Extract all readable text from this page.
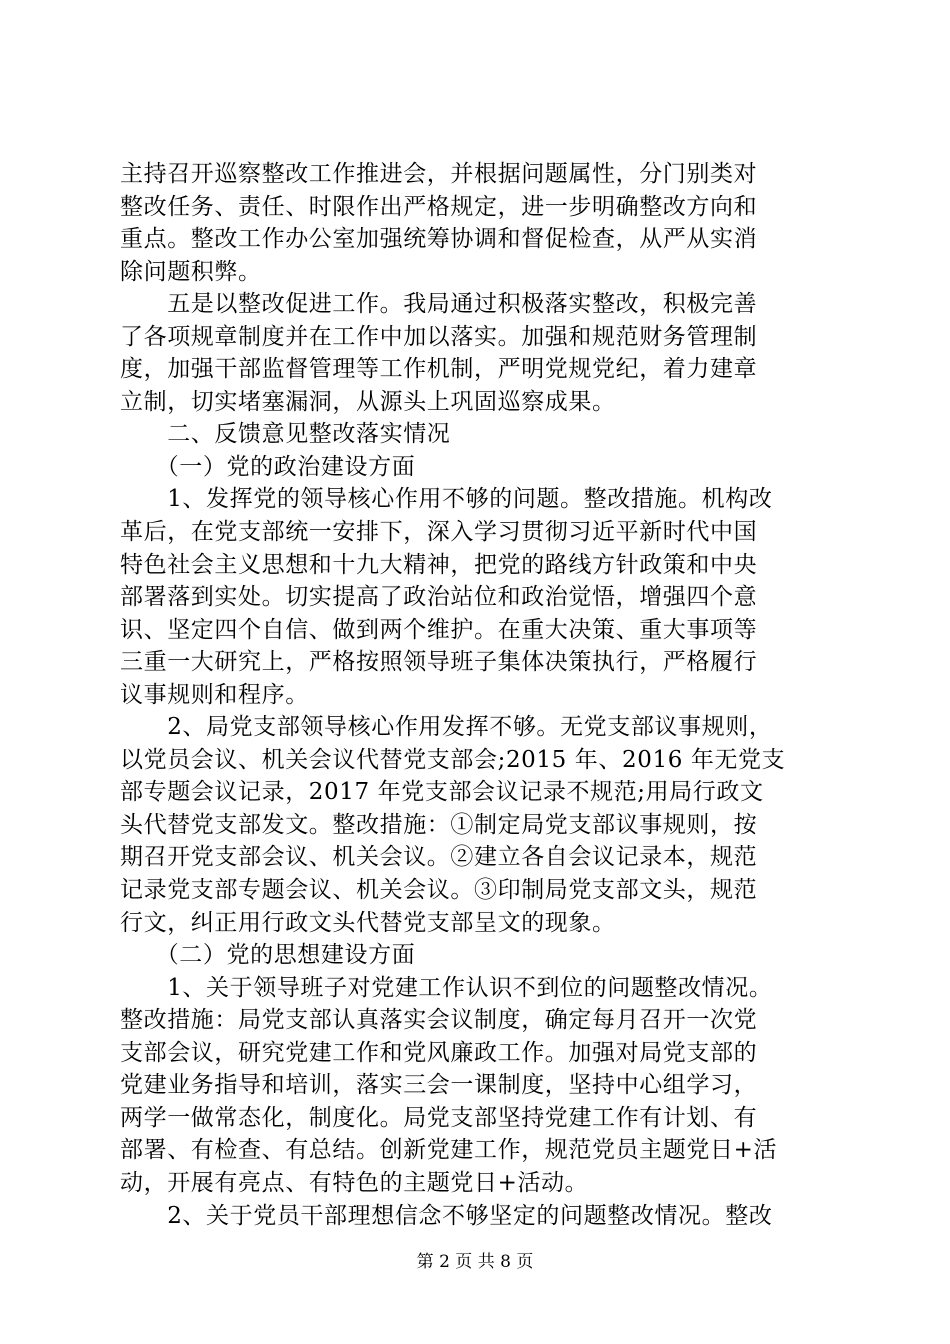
主持召开巡察整改工作推进会，并根据问题属性，分门别类对
整改任务、责任、时限作出严格规定，进一步明确整改方向和
重点。整改工作办公室加强统筹协调和督促检查，从严从实消
除问题积弊。
　　五是以整改促进工作。我局通过积极落实整改，积极完善
了各项规章制度并在工作中加以落实。加强和规范财务管理制
度，加强干部监督管理等工作机制，严明党规党纪，着力建章
立制，切实堵塞漏洞，从源头上巩固巡察成果。
　　二、反馈意见整改落实情况
　　（一）党的政治建设方面
　　1、发挥党的领导核心作用不够的问题。整改措施。机构改
革后，在党支部统一安排下，深入学习贯彻习近平新时代中国
特色社会主义思想和十九大精神，把党的路线方针政策和中央
部署落到实处。切实提高了政治站位和政治觉悟，增强四个意
识、坚定四个自信、做到两个维护。在重大决策、重大事项等
三重一大研究上，严格按照领导班子集体决策执行，严格履行
议事规则和程序。
　　2、局党支部领导核心作用发挥不够。无党支部议事规则，
以党员会议、机关会议代替党支部会;2015 年、2016 年无党支
部专题会议记录，2017 年党支部会议记录不规范;用局行政文
头代替党支部发文。整改措施：①制定局党支部议事规则，按
期召开党支部会议、机关会议。②建立各自会议记录本，规范
记录党支部专题会议、机关会议。③印制局党支部文头，规范
行文，纠正用行政文头代替党支部呈文的现象。
　　（二）党的思想建设方面
　　1、关于领导班子对党建工作认识不到位的问题整改情况。
整改措施：局党支部认真落实会议制度，确定每月召开一次党
支部会议，研究党建工作和党风廉政工作。加强对局党支部的
党建业务指导和培训，落实三会一课制度，坚持中心组学习，
两学一做常态化，制度化。局党支部坚持党建工作有计划、有
部署、有检查、有总结。创新党建工作，规范党员主题党日+活
动，开展有亮点、有特色的主题党日+活动。
　　2、关于党员干部理想信念不够坚定的问题整改情况。整改
第 2 页 共 8 页
